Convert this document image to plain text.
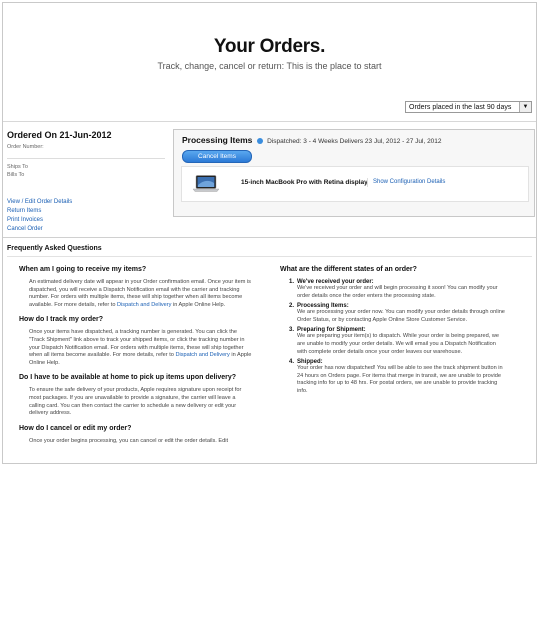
Your Orders.

Track, change, cancel or return: This is the place to start

Orders placed in the last 90 days	▼

Ordered On 21-Jun-2012

Order Number:
Ships To
Bills To
View / Edit Order Details
Return Items
Print Invoices
Cancel Order
Processing Items Dispatched: 3 - 4 Weeks Delivers 23 Jul, 2012 - 27 Jul, 2012
Cancel Items
15-inch MacBook Pro with Retina display Show Configuration Details
Frequently Asked Questions

When am I going to receive my items?

An estimated delivery date will appear in your Order confirmation email. Once your item is dispatched, you will receive a Dispatch Notification email with the carrier and tracking number. For orders with multiple items, these will ship together when all items become available. For more details, refer to Dispatch and Delivery in Apple Online Help.

How do I track my order?

Once your items have dispatched, a tracking number is generated. You can click the "Track Shipment" link above to track your shipped items, or click the tracking number in your Dispatch Notification email. For orders with multiple items, these will ship together when all items become available. For more details, refer to Dispatch and Delivery in Apple Online Help.

Do I have to be available at home to pick up items upon delivery?

To ensure the safe delivery of your products, Apple requires signature upon receipt for most packages. If you are unavailable to provide a signature, the carrier will leave a calling card. You can then contact the carrier to schedule a new delivery or edit your delivery address.

How do I cancel or edit my order?

Once your order begins processing, you can cancel or edit the order details. Edit

What are the different states of an order?

1. We've received your order:

We've received your order and will begin processing it soon! You can modify your order details once the order enters the processing state.

2. Processing Items:

We are processing your order now. You can modify your order details through online Order Status, or by contacting Apple Online Store Customer Service.

3. Preparing for Shipment:

We are preparing your item(s) to dispatch. While your order is being prepared, we are unable to modify your order details. We will email you a Dispatch Notification with complete order details once your order leaves our warehouse.

4. Shipped:

Your order has now dispatched! You will be able to see the track shipment button in 24 hours on Orders page. For items that merge in transit, we are unable to provide tracking info for up to 48 hrs. For postal orders, we are unable to provide tracking info.
